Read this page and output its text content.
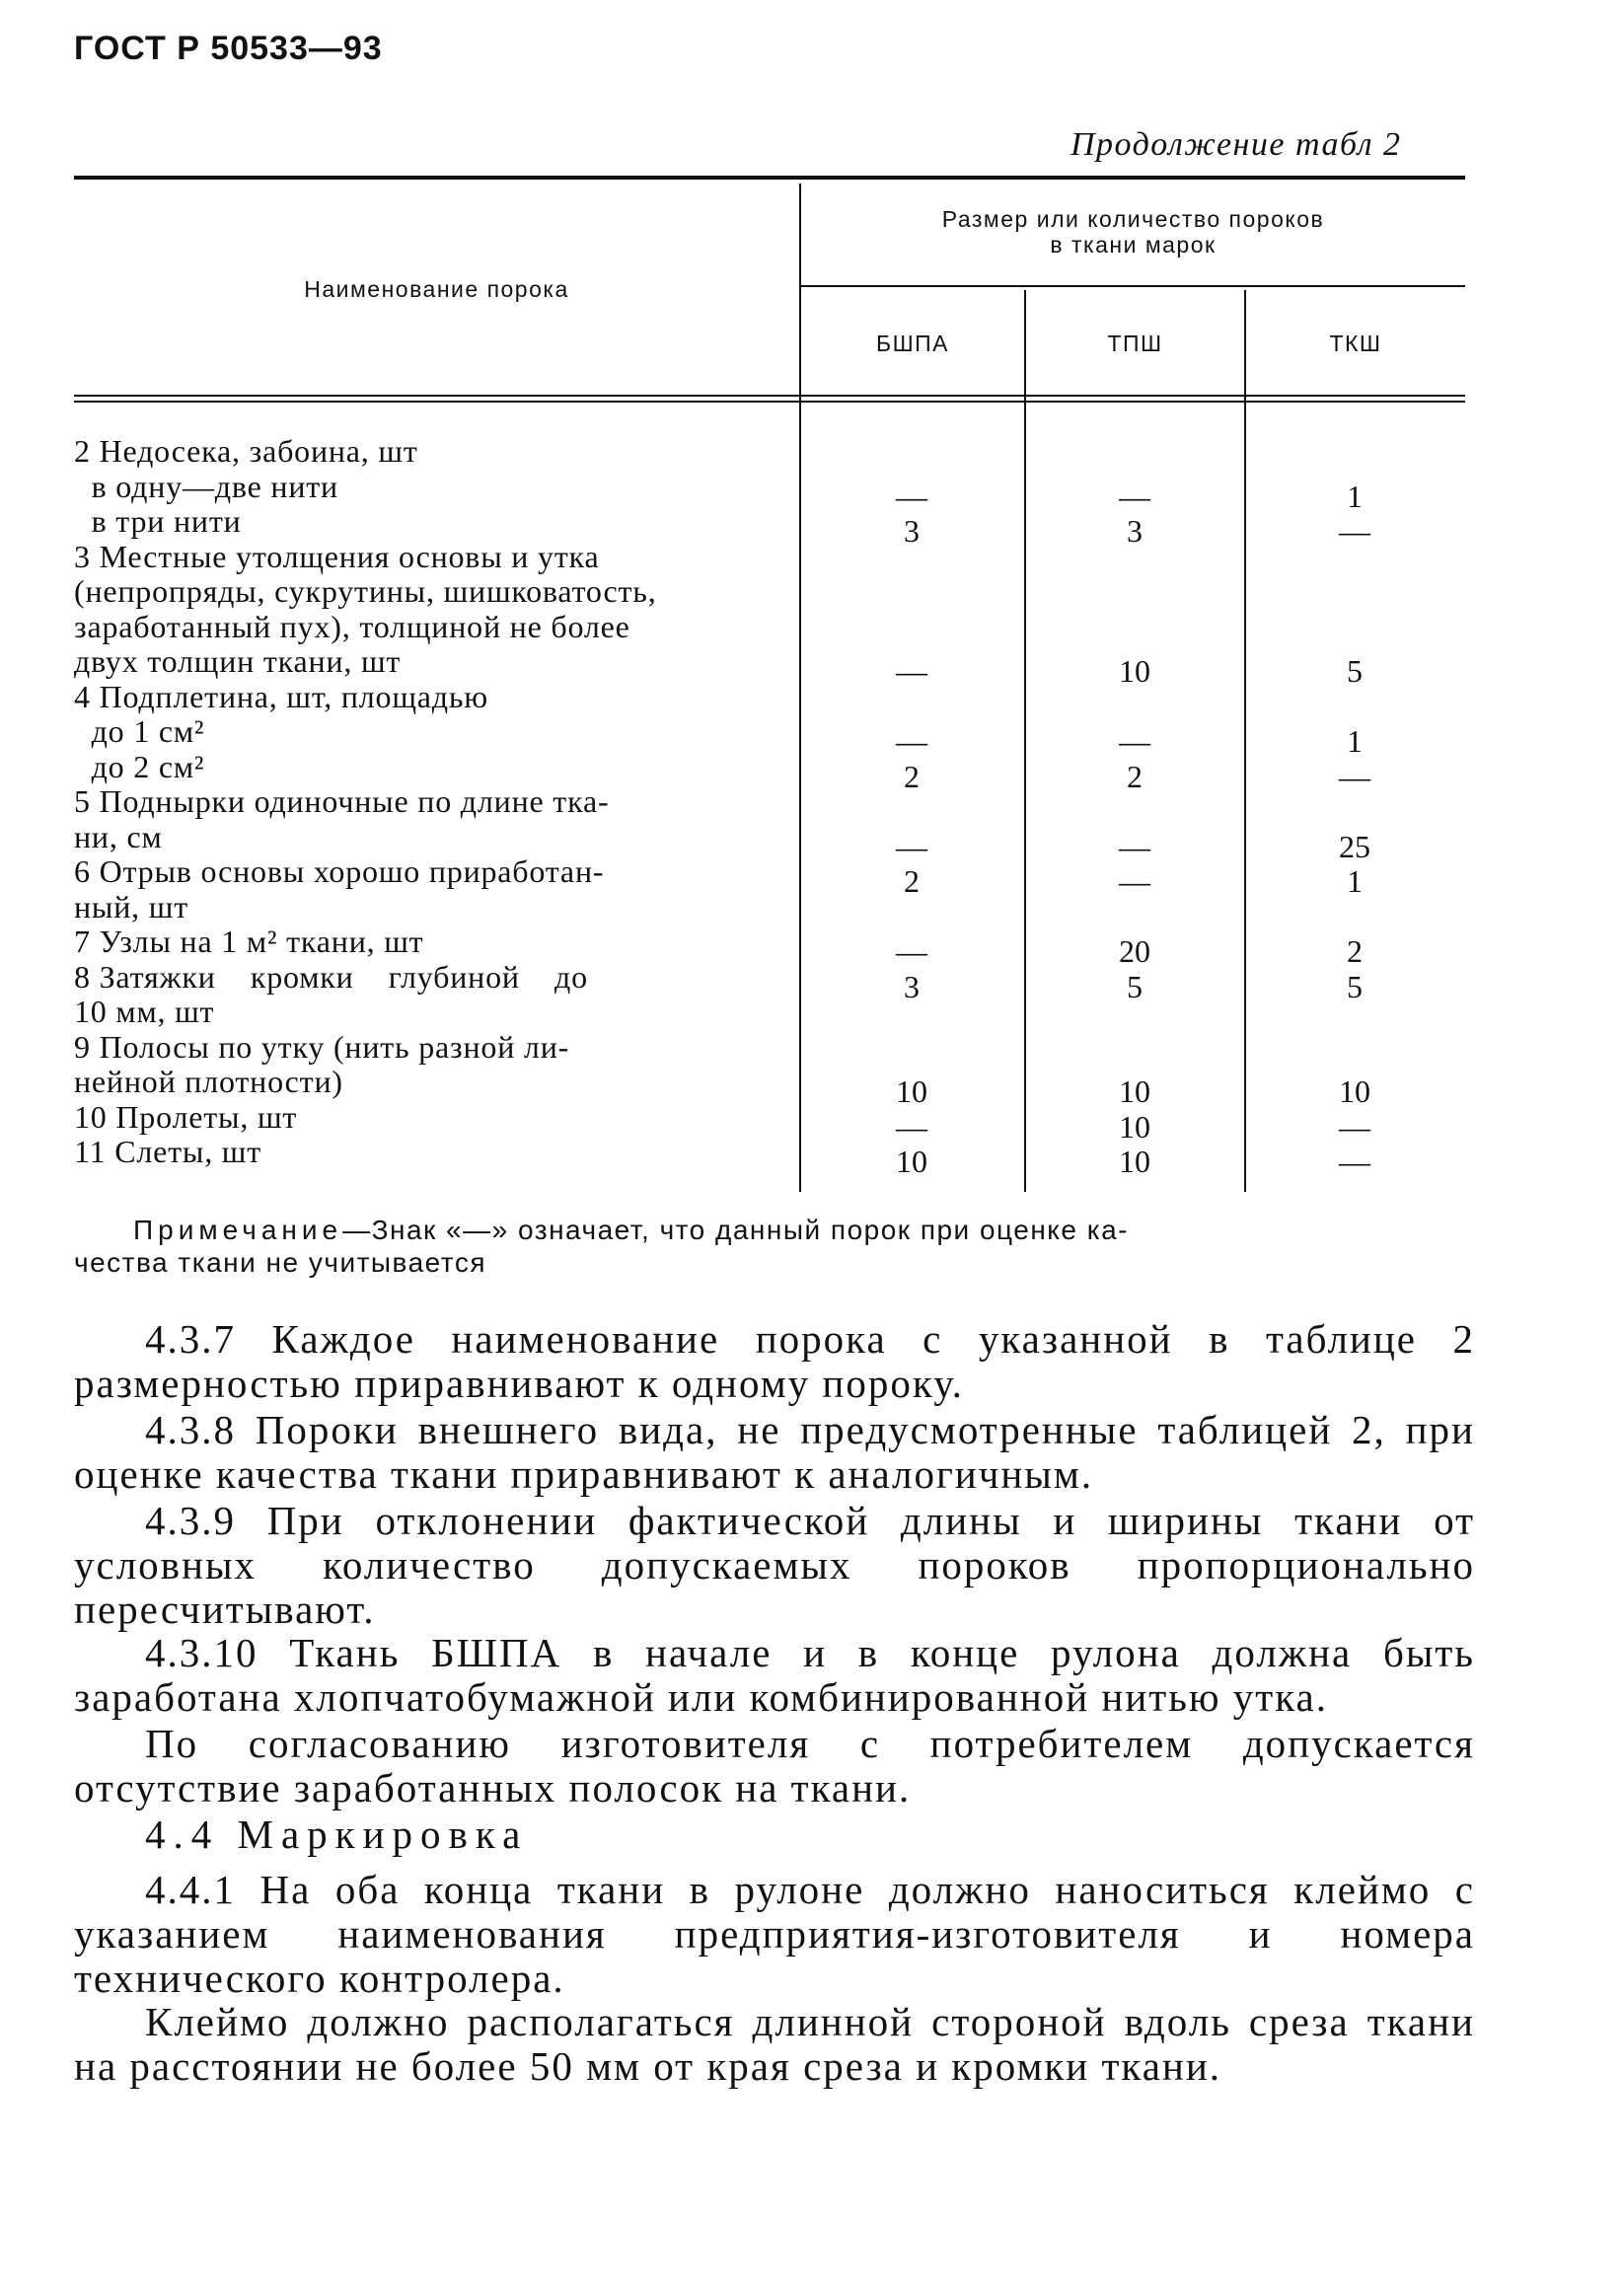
ГОСТ Р 50533—93
Продолжение табл 2
Наименование порока
Размер или количество пороков
в ткани марок
БШПА	ТПШ	ТКШ
2 Недосека, забоина, шт
в одну—две нити	—	—	1
в три нити	3	3	—
3 Местные утолщения основы и утка
(непропряды, сукрутины, шишковатость,
заработанный пух), толщиной не более
двух толщин ткани, шт	—	10	5
4 Подплетина, шт, площадью
до 1 см²	—	—	1
до 2 см²	2	2	—
5 Поднырки одиночные по длине тка-
ни, см	—	—	25
6 Отрыв основы хорошо приработан-	2	—	1
ный, шт
7 Узлы на 1 м² ткани, шт	—	20	2
8 Затяжки    кромки    глубиной    до	3	5	5
10 мм, шт
9 Полосы по утку (нить разной ли-
нейной плотности)	10	10	10
10 Пролеты, шт	—	10	—
11 Слеты, шт	10	10	—
Примечание—Знак «—» означает, что данный порок при оценке ка-
чества ткани не учитывается
4.3.7 Каждое наименование порока с указанной в таблице 2 размерностью приравнивают к одному пороку.
4.3.8 Пороки внешнего вида, не предусмотренные таблицей 2, при оценке качества ткани приравнивают к аналогичным.
4.3.9 При отклонении фактической длины и ширины ткани от условных количество допускаемых пороков пропорционально пересчитывают.
4.3.10 Ткань БШПА в начале и в конце рулона должна быть заработана хлопчатобумажной или комбинированной нитью утка.
По согласованию изготовителя с потребителем допускается отсутствие заработанных полосок на ткани.
4.4 Маркировка
4.4.1 На оба конца ткани в рулоне должно наноситься клеймо с указанием наименования предприятия-изготовителя и номера технического контролера.
Клеймо должно располагаться длинной стороной вдоль среза ткани на расстоянии не более 50 мм от края среза и кромки ткани.
